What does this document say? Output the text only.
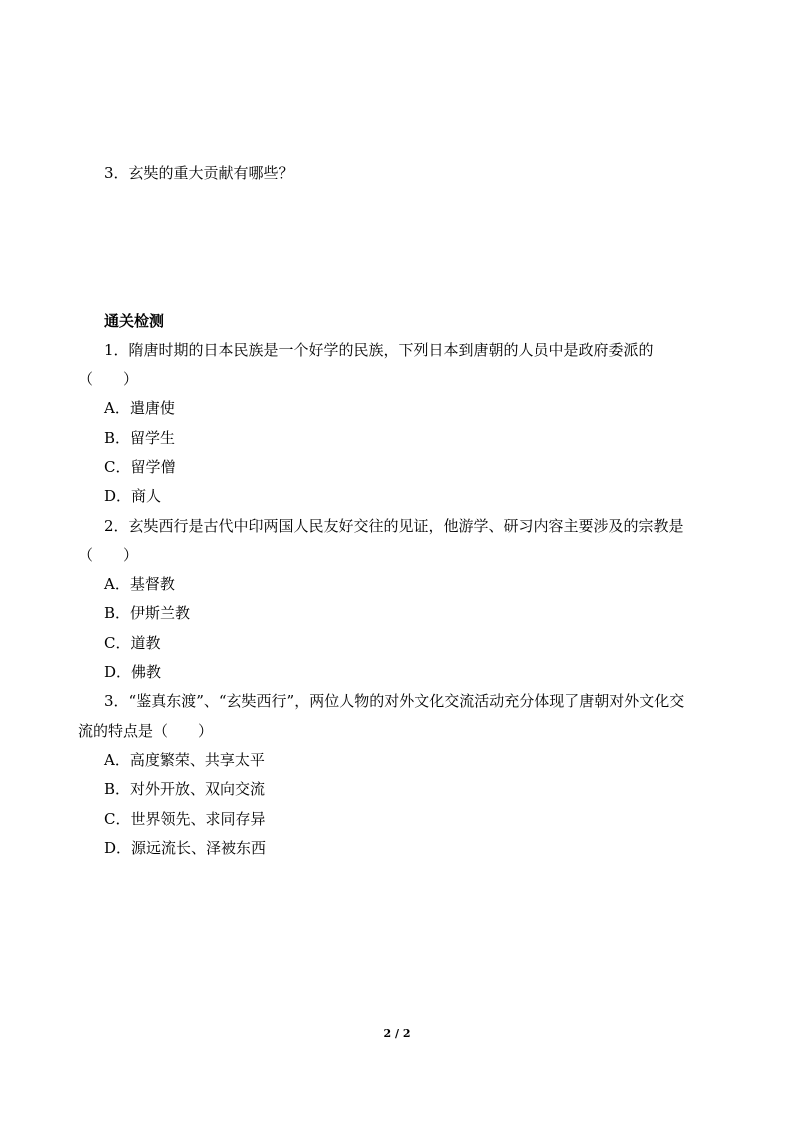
3．玄奘的重大贡献有哪些？
通关检测
1．隋唐时期的日本民族是一个好学的民族，下列日本到唐朝的人员中是政府委派的
（ ）
A．遣唐使
B．留学生
C．留学僧
D．商人
2．玄奘西行是古代中印两国人民友好交往的见证，他游学、研习内容主要涉及的宗教是
（ ）
A．基督教
B．伊斯兰教
C．道教
D．佛教
3．“鉴真东渡”、“玄奘西行”，两位人物的对外文化交流活动充分体现了唐朝对外文化交
流的特点是（ ）
A．高度繁荣、共享太平
B．对外开放、双向交流
C．世界领先、求同存异
D．源远流长、泽被东西
2 / 2
